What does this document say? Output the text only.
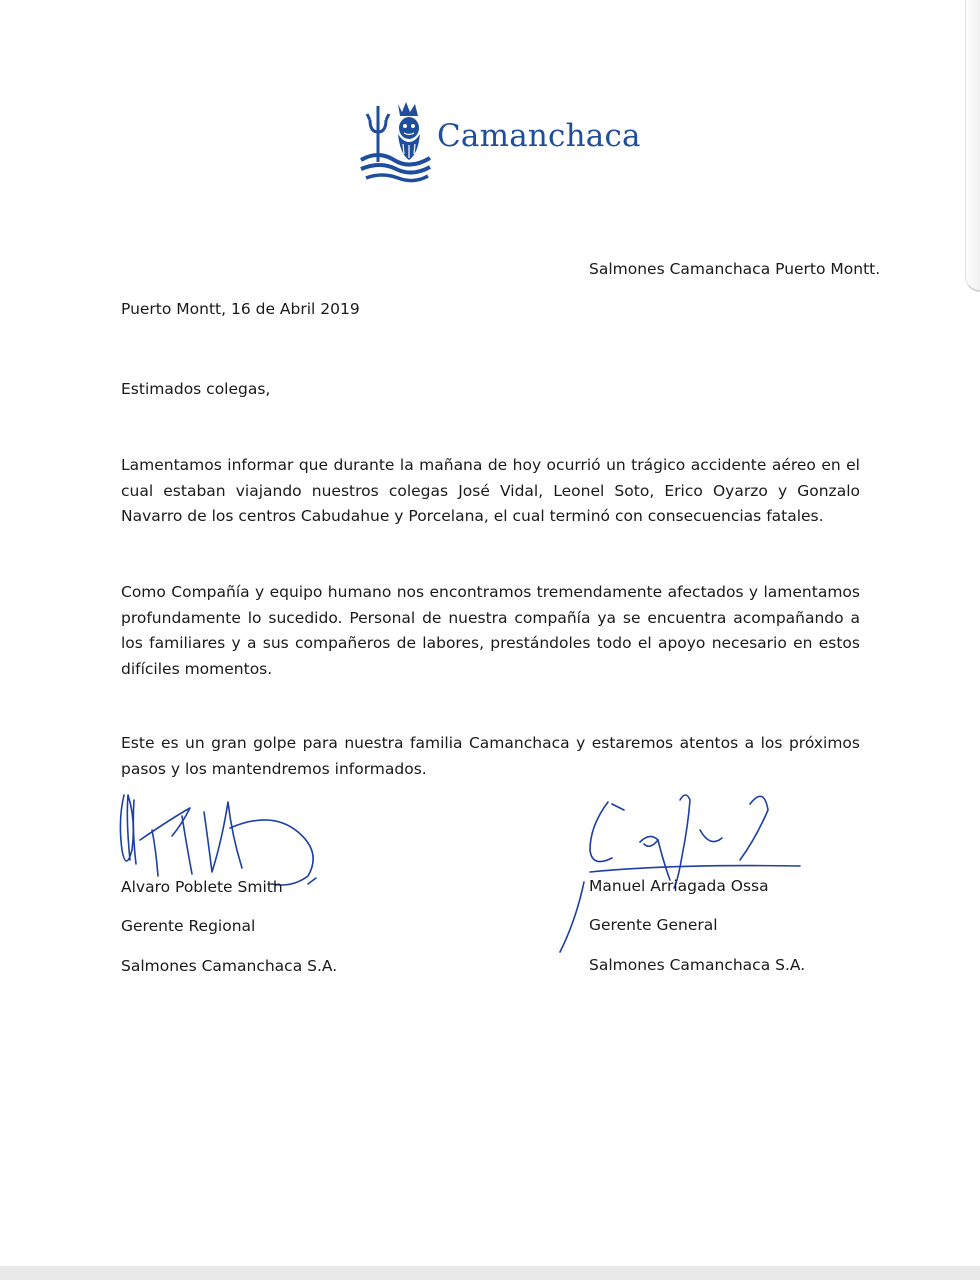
Camanchaca
Salmones Camanchaca Puerto Montt.
Puerto Montt, 16 de Abril 2019
Estimados colegas,
Lamentamos informar que durante la mañana de hoy ocurrió un trágico accidente aéreo en el cual estaban viajando nuestros colegas José Vidal, Leonel Soto, Erico Oyarzo y Gonzalo Navarro de los centros Cabudahue y Porcelana, el cual terminó con consecuencias fatales.
Como Compañía y equipo humano nos encontramos tremendamente afectados y lamentamos profundamente lo sucedido. Personal de nuestra compañía ya se encuentra acompañando a los familiares y a sus compañeros de labores, prestándoles todo el apoyo necesario en estos difíciles momentos.
Este es un gran golpe para nuestra familia Camanchaca y estaremos atentos a los próximos pasos y los mantendremos informados.
Alvaro Poblete Smith
Gerente Regional
Salmones Camanchaca S.A.
Manuel Arriagada Ossa
Gerente General
Salmones Camanchaca S.A.
